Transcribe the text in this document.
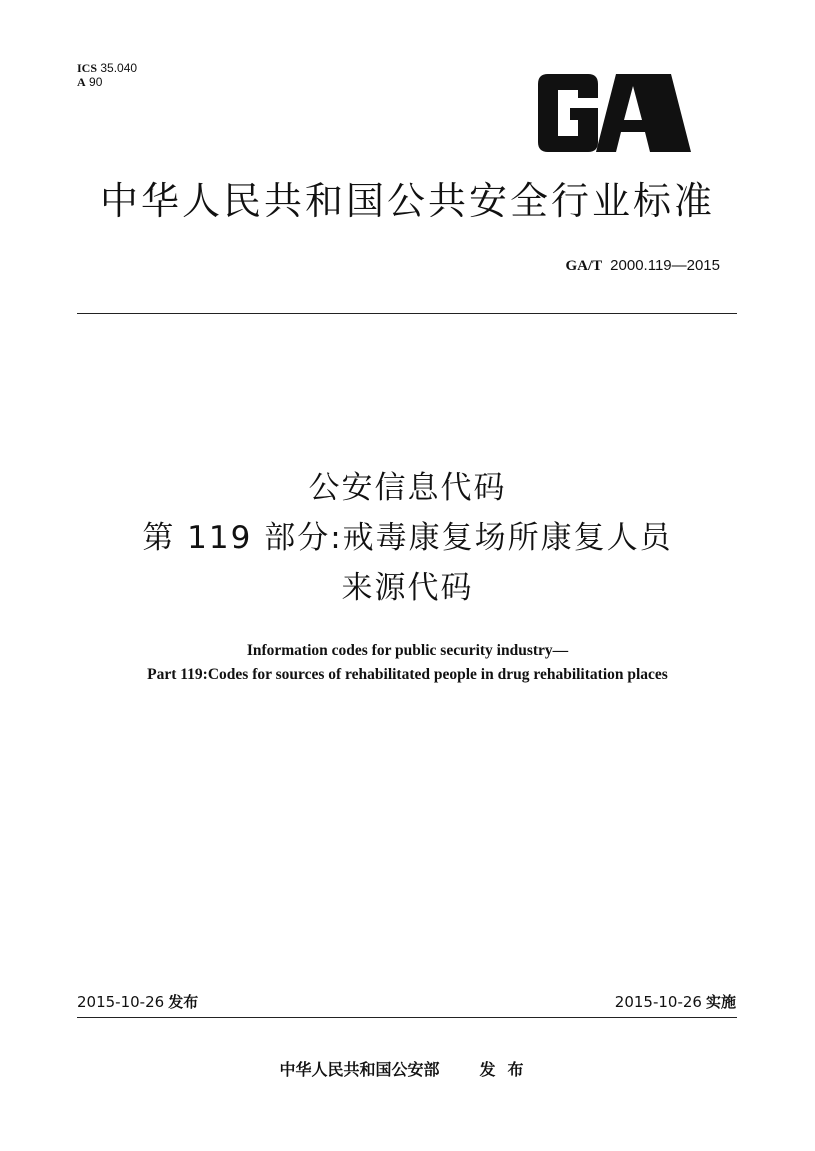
ICS 35.040
A 90
中华人民共和国公共安全行业标准
GA/T 2000.119—2015
公安信息代码
第 119 部分:戒毒康复场所康复人员
来源代码
Information codes for public security industry—
Part 119:Codes for sources of rehabilitated people in drug rehabilitation places
2015-10-26 发布	2015-10-26 实施
中华人民共和国公安部	发布
